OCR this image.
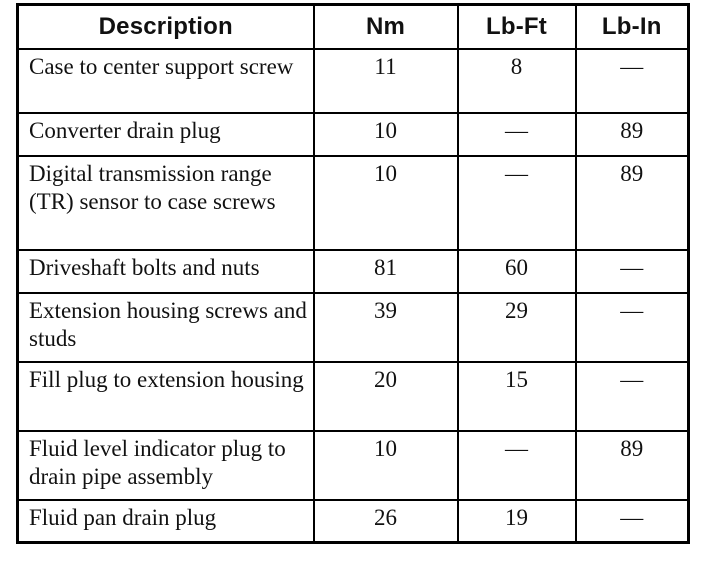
Description	Nm	Lb-Ft	Lb-In
Case to center support screw	11	8	—
Converter drain plug	10	—	89
Digital transmission range (TR) sensor to case screws	10	—	89
Driveshaft bolts and nuts	81	60	—
Extension housing screws and studs	39	29	—
Fill plug to extension housing	20	15	—
Fluid level indicator plug to drain pipe assembly	10	—	89
Fluid pan drain plug	26	19	—
